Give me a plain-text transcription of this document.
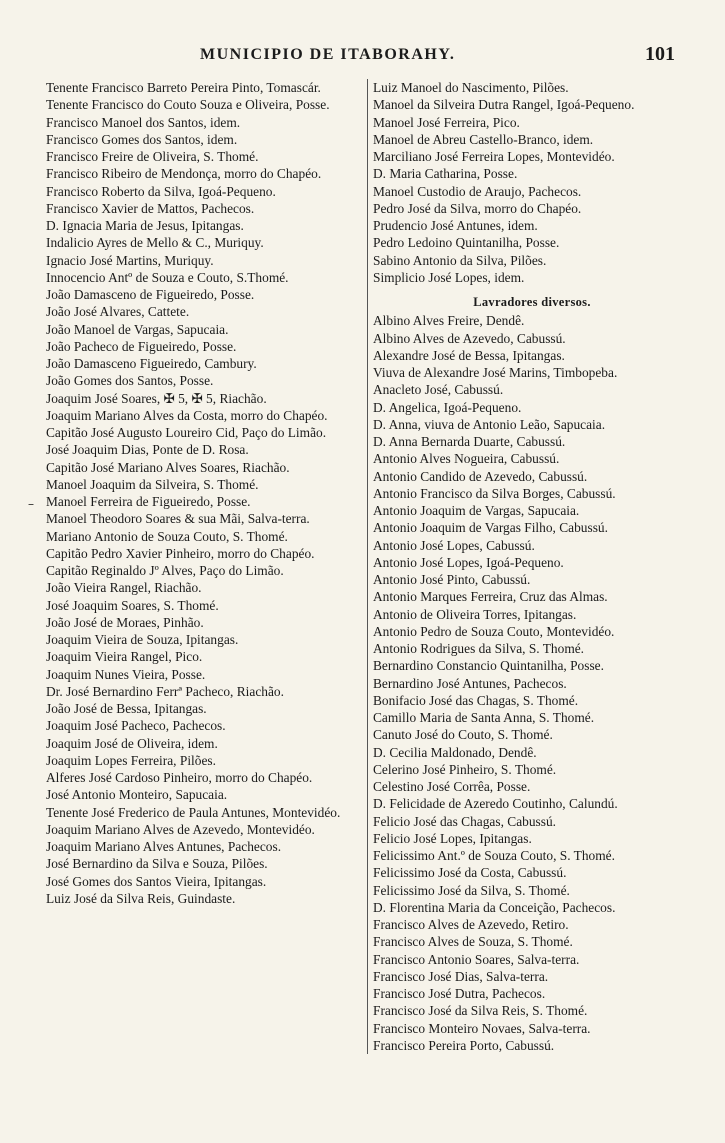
MUNICIPIO DE ITABORAHY.	101
–

Tenente Francisco Barreto Pereira Pinto, Tomascár.

Tenente Francisco do Couto Souza e Oliveira, Posse.

Francisco Manoel dos Santos, idem.

Francisco Gomes dos Santos, idem.

Francisco Freire de Oliveira, S. Thomé.

Francisco Ribeiro de Mendonça, morro do Chapéo.

Francisco Roberto da Silva, Igoá-Pequeno.

Francisco Xavier de Mattos, Pachecos.

D. Ignacia Maria de Jesus, Ipitangas.

Indalicio Ayres de Mello & C., Muriquy.

Ignacio José Martins, Muriquy.

Innocencio Antº de Souza e Couto, S.Thomé.

João Damasceno de Figueiredo, Posse.

João José Alvares, Cattete.

João Manoel de Vargas, Sapucaia.

João Pacheco de Figueiredo, Posse.

João Damasceno Figueiredo, Cambury.

João Gomes dos Santos, Posse.

Joaquim José Soares, ✠ 5, ✠ 5, Riachão.

Joaquim Mariano Alves da Costa, morro do Chapéo.

Capitão José Augusto Loureiro Cid, Paço do Limão.

José Joaquim Dias, Ponte de D. Rosa.

Capitão José Mariano Alves Soares, Riachão.

Manoel Joaquim da Silveira, S. Thomé.

Manoel Ferreira de Figueiredo, Posse.

Manoel Theodoro Soares & sua Mãi, Salva-terra.

Mariano Antonio de Souza Couto, S. Thomé.

Capitão Pedro Xavier Pinheiro, morro do Chapéo.

Capitão Reginaldo Jº Alves, Paço do Limão.

João Vieira Rangel, Riachão.

José Joaquim Soares, S. Thomé.

João José de Moraes, Pinhão.

Joaquim Vieira de Souza, Ipitangas.

Joaquim Vieira Rangel, Pico.

Joaquim Nunes Vieira, Posse.

Dr. José Bernardino Ferrª Pacheco, Riachão.

João José de Bessa, Ipitangas.

Joaquim José Pacheco, Pachecos.

Joaquim José de Oliveira, idem.

Joaquim Lopes Ferreira, Pilões.

Alferes José Cardoso Pinheiro, morro do Chapéo.

José Antonio Monteiro, Sapucaia.

Tenente José Frederico de Paula Antunes, Montevidéo.

Joaquim Mariano Alves de Azevedo, Montevidéo.

Joaquim Mariano Alves Antunes, Pachecos.

José Bernardino da Silva e Souza, Pilões.

José Gomes dos Santos Vieira, Ipitangas.

Luiz José da Silva Reis, Guindaste.

Luiz Manoel do Nascimento, Pilões.

Manoel da Silveira Dutra Rangel, Igoá-Pequeno.

Manoel José Ferreira, Pico.

Manoel de Abreu Castello-Branco, idem.

Marciliano José Ferreira Lopes, Montevidéo.

D. Maria Catharina, Posse.

Manoel Custodio de Araujo, Pachecos.

Pedro José da Silva, morro do Chapéo.

Prudencio José Antunes, idem.

Pedro Ledoino Quintanilha, Posse.

Sabino Antonio da Silva, Pilões.

Simplicio José Lopes, idem.

Lavradores diversos.

Albino Alves Freire, Dendê.

Albino Alves de Azevedo, Cabussú.

Alexandre José de Bessa, Ipitangas.

Viuva de Alexandre José Marins, Timbopeba.

Anacleto José, Cabussú.

D. Angelica, Igoá-Pequeno.

D. Anna, viuva de Antonio Leão, Sapucaia.

D. Anna Bernarda Duarte, Cabussú.

Antonio Alves Nogueira, Cabussú.

Antonio Candido de Azevedo, Cabussú.

Antonio Francisco da Silva Borges, Cabussú.

Antonio Joaquim de Vargas, Sapucaia.

Antonio Joaquim de Vargas Filho, Cabussú.

Antonio José Lopes, Cabussú.

Antonio José Lopes, Igoá-Pequeno.

Antonio José Pinto, Cabussú.

Antonio Marques Ferreira, Cruz das Almas.

Antonio de Oliveira Torres, Ipitangas.

Antonio Pedro de Souza Couto, Montevidéo.

Antonio Rodrigues da Silva, S. Thomé.

Bernardino Constancio Quintanilha, Posse.

Bernardino José Antunes, Pachecos.

Bonifacio José das Chagas, S. Thomé.

Camillo Maria de Santa Anna, S. Thomé.

Canuto José do Couto, S. Thomé.

D. Cecilia Maldonado, Dendê.

Celerino José Pinheiro, S. Thomé.

Celestino José Corrêa, Posse.

D. Felicidade de Azeredo Coutinho, Calundú.

Felicio José das Chagas, Cabussú.

Felicio José Lopes, Ipitangas.

Felicissimo Ant.º de Souza Couto, S. Thomé.

Felicissimo José da Costa, Cabussú.

Felicissimo José da Silva, S. Thomé.

D. Florentina Maria da Conceição, Pachecos.

Francisco Alves de Azevedo, Retiro.

Francisco Alves de Souza, S. Thomé.

Francisco Antonio Soares, Salva-terra.

Francisco José Dias, Salva-terra.

Francisco José Dutra, Pachecos.

Francisco José da Silva Reis, S. Thomé.

Francisco Monteiro Novaes, Salva-terra.

Francisco Pereira Porto, Cabussú.
